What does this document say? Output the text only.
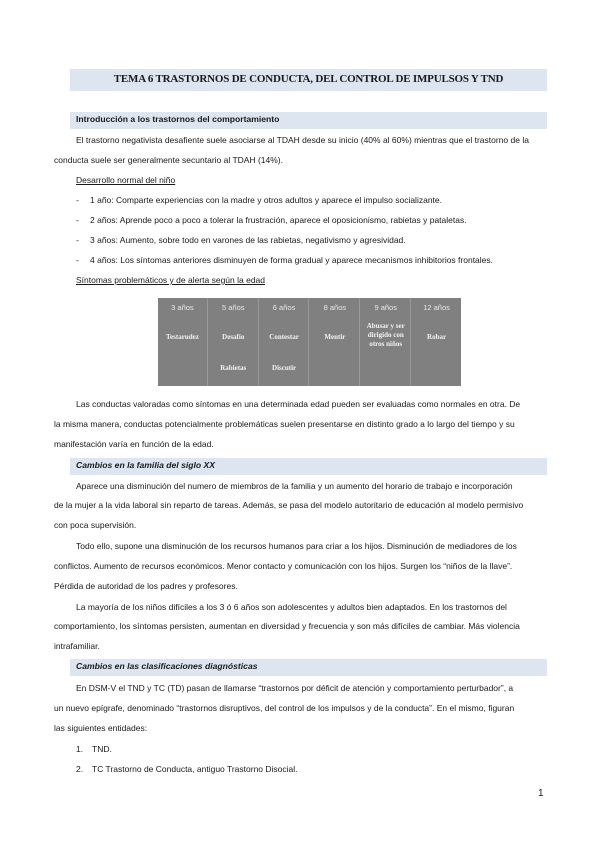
TEMA 6 TRASTORNOS DE CONDUCTA, DEL CONTROL DE IMPULSOS Y TND
Introducción a los trastornos del comportamiento
El trastorno negativista desafiente suele asociarse al TDAH desde su inicio (40% al 60%) mientras que el trastorno de la
conducta suele ser generalmente secuntario al TDAH (14%).
Desarrollo normal del niño
- 1 año: Comparte experiencias con la madre y otros adultos y aparece el impulso socializante.
- 2 años: Aprende poco a poco a tolerar la frustración, aparece el oposicionismo, rabietas y pataletas.
- 3 años: Aumento, sobre todo en varones de las rabietas, negativismo y agresividad.
- 4 años: Los síntomas anteriores disminuyen de forma gradual y aparece mecanismos inhibitorios frontales.
Síntomas problemáticos y de alerta según la edad
3 años
Testarudez
5 años
Desafío
Rabietas
6 años
Contestar
Discutir
8 años
Mentir
9 años
Abusar y ser
dirigido con
otros niños
12 años
Robar
Las conductas valoradas como síntomas en una determinada edad pueden ser evaluadas como normales en otra. De
la misma manera, conductas potencialmente problemáticas suelen presentarse en distinto grado a lo largo del tiempo y su
manifestación varía en función de la edad.
Cambios en la familia del siglo XX
Aparece una disminución del numero de miembros de la familia y un aumento del horario de trabajo e incorporación
de la mujer a la vida laboral sin reparto de tareas. Además, se pasa del modelo autoritario de educación al modelo permisivo
con poca supervisión.
Todo ello, supone una disminución de los recursos humanos para criar a los hijos. Disminución de mediadores de los
conflictos. Aumento de recursos económicos. Menor contacto y comunicación con los hijos. Surgen los “niños de la llave”.
Pérdida de autoridad de los padres y profesores.
La mayoría de los niños difíciles a los 3 ó 6 años son adolescentes y adultos bien adaptados. En los trastornos del
comportamiento, los síntomas persisten, aumentan en diversidad y frecuencia y son más difíciles de cambiar. Más violencia
intrafamiliar.
Cambios en las clasificaciones diagnósticas
En DSM-V el TND y TC (TD) pasan de llamarse “trastornos por déficit de atención y comportamiento perturbador”, a
un nuevo epígrafe, denominado “trastornos disruptivos, del control de los impulsos y de la conducta”. En el mismo, figuran
las siguientes entidades:
1. TND.
2. TC Trastorno de Conducta, antiguo Trastorno Disocial.
1
